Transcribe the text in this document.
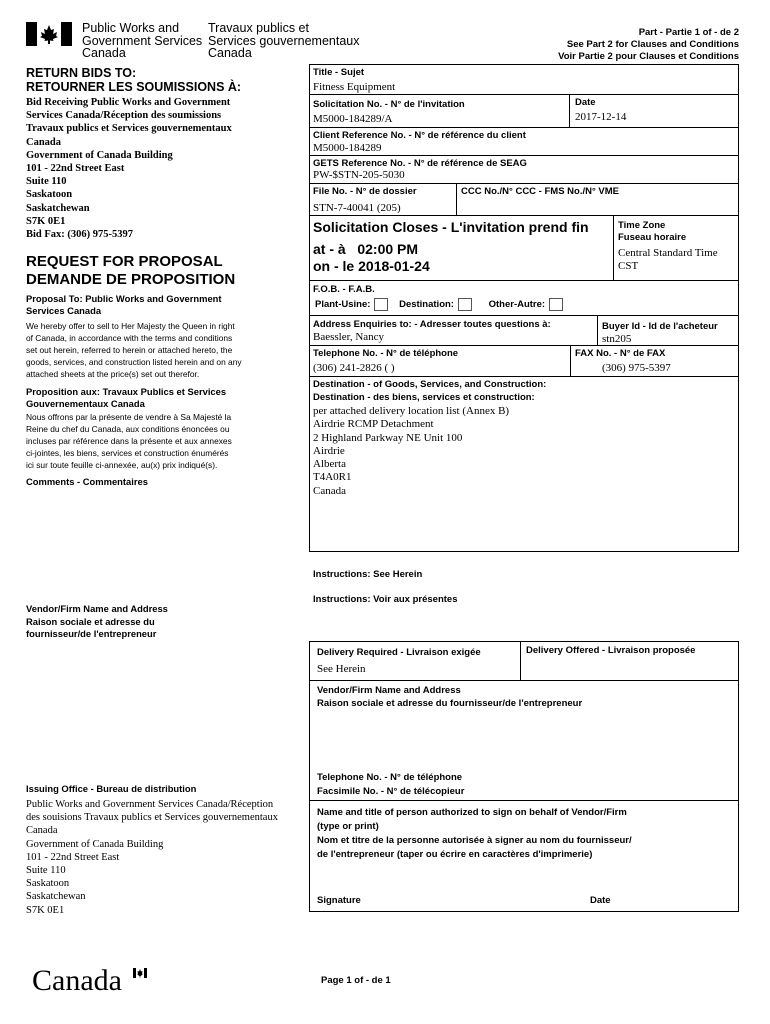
Public Works and
Government Services
Canada
Travaux publics et
Services gouvernementaux
Canada
Part - Partie 1 of - de 2
See Part 2 for Clauses and Conditions
Voir Partie 2 pour Clauses et Conditions
RETURN BIDS TO:
RETOURNER LES SOUMISSIONS À:
Bid Receiving Public Works and Government
Services Canada/Réception des soumissions
Travaux publics et Services gouvernementaux
Canada
Government of Canada Building
101 - 22nd Street East
Suite 110
Saskatoon
Saskatchewan
S7K 0E1
Bid Fax: (306) 975-5397
REQUEST FOR PROPOSAL
DEMANDE DE PROPOSITION
Proposal To: Public Works and Government
Services Canada
We hereby offer to sell to Her Majesty the Queen in right
of Canada, in accordance with the terms and conditions
set out herein, referred to herein or attached hereto, the
goods, services, and construction listed herein and on any
attached sheets at the price(s) set out therefor.
Proposition aux: Travaux Publics et Services
Gouvernementaux Canada
Nous offrons par la présente de vendre à Sa Majesté la
Reine du chef du Canada, aux conditions énoncées ou
incluses par référence dans la présente et aux annexes
ci-jointes, les biens, services et construction énumérés
ici sur toute feuille ci-annexée, au(x) prix indiqué(s).
Comments - Commentaires
Vendor/Firm Name and Address
Raison sociale et adresse du
fournisseur/de l'entrepreneur
Issuing Office - Bureau de distribution
Public Works and Government Services Canada/Réception
des souisions Travaux publics et Services gouvernementaux
Canada
Government of Canada Building
101 - 22nd Street East
Suite 110
Saskatoon
Saskatchewan
S7K 0E1
Title - Sujet
Fitness Equipment
Solicitation No. - N° de l'invitation
M5000-184289/A
Date
2017-12-14
Client Reference No. - N° de référence du client
M5000-184289
GETS Reference No. - N° de référence de SEAG
PW-$STN-205-5030
File No. - N° de dossier
STN-7-40041 (205)
CCC No./N° CCC - FMS No./N° VME
Solicitation Closes - L'invitation prend fin
at - à 02:00 PM
on - le 2018-01-24
Time Zone
Fuseau horaire
Central Standard Time
CST
F.O.B. - F.A.B.
Plant-Usine:	Destination:	Other-Autre:
Address Enquiries to: - Adresser toutes questions à:
Baessler, Nancy
Buyer Id - Id de l'acheteur
stn205
Telephone No. - N° de téléphone
(306) 241-2826 ( )
FAX No. - N° de FAX
(306) 975-5397
Destination - of Goods, Services, and Construction:
Destination - des biens, services et construction:
per attached delivery location list (Annex B)
Airdrie RCMP Detachment
2 Highland Parkway NE Unit 100
Airdrie
Alberta
T4A0R1
Canada
Instructions: See Herein
Instructions: Voir aux présentes
Delivery Required - Livraison exigée
See Herein
Delivery Offered - Livraison proposée
Vendor/Firm Name and Address
Raison sociale et adresse du fournisseur/de l'entrepreneur
Telephone No. - N° de téléphone
Facsimile No. - N° de télécopieur
Name and title of person authorized to sign on behalf of Vendor/Firm
(type or print)
Nom et titre de la personne autorisée à signer au nom du fournisseur/
de l'entrepreneur (taper ou écrire en caractères d'imprimerie)
Signature	Date
Canada	Page 1 of - de 1
